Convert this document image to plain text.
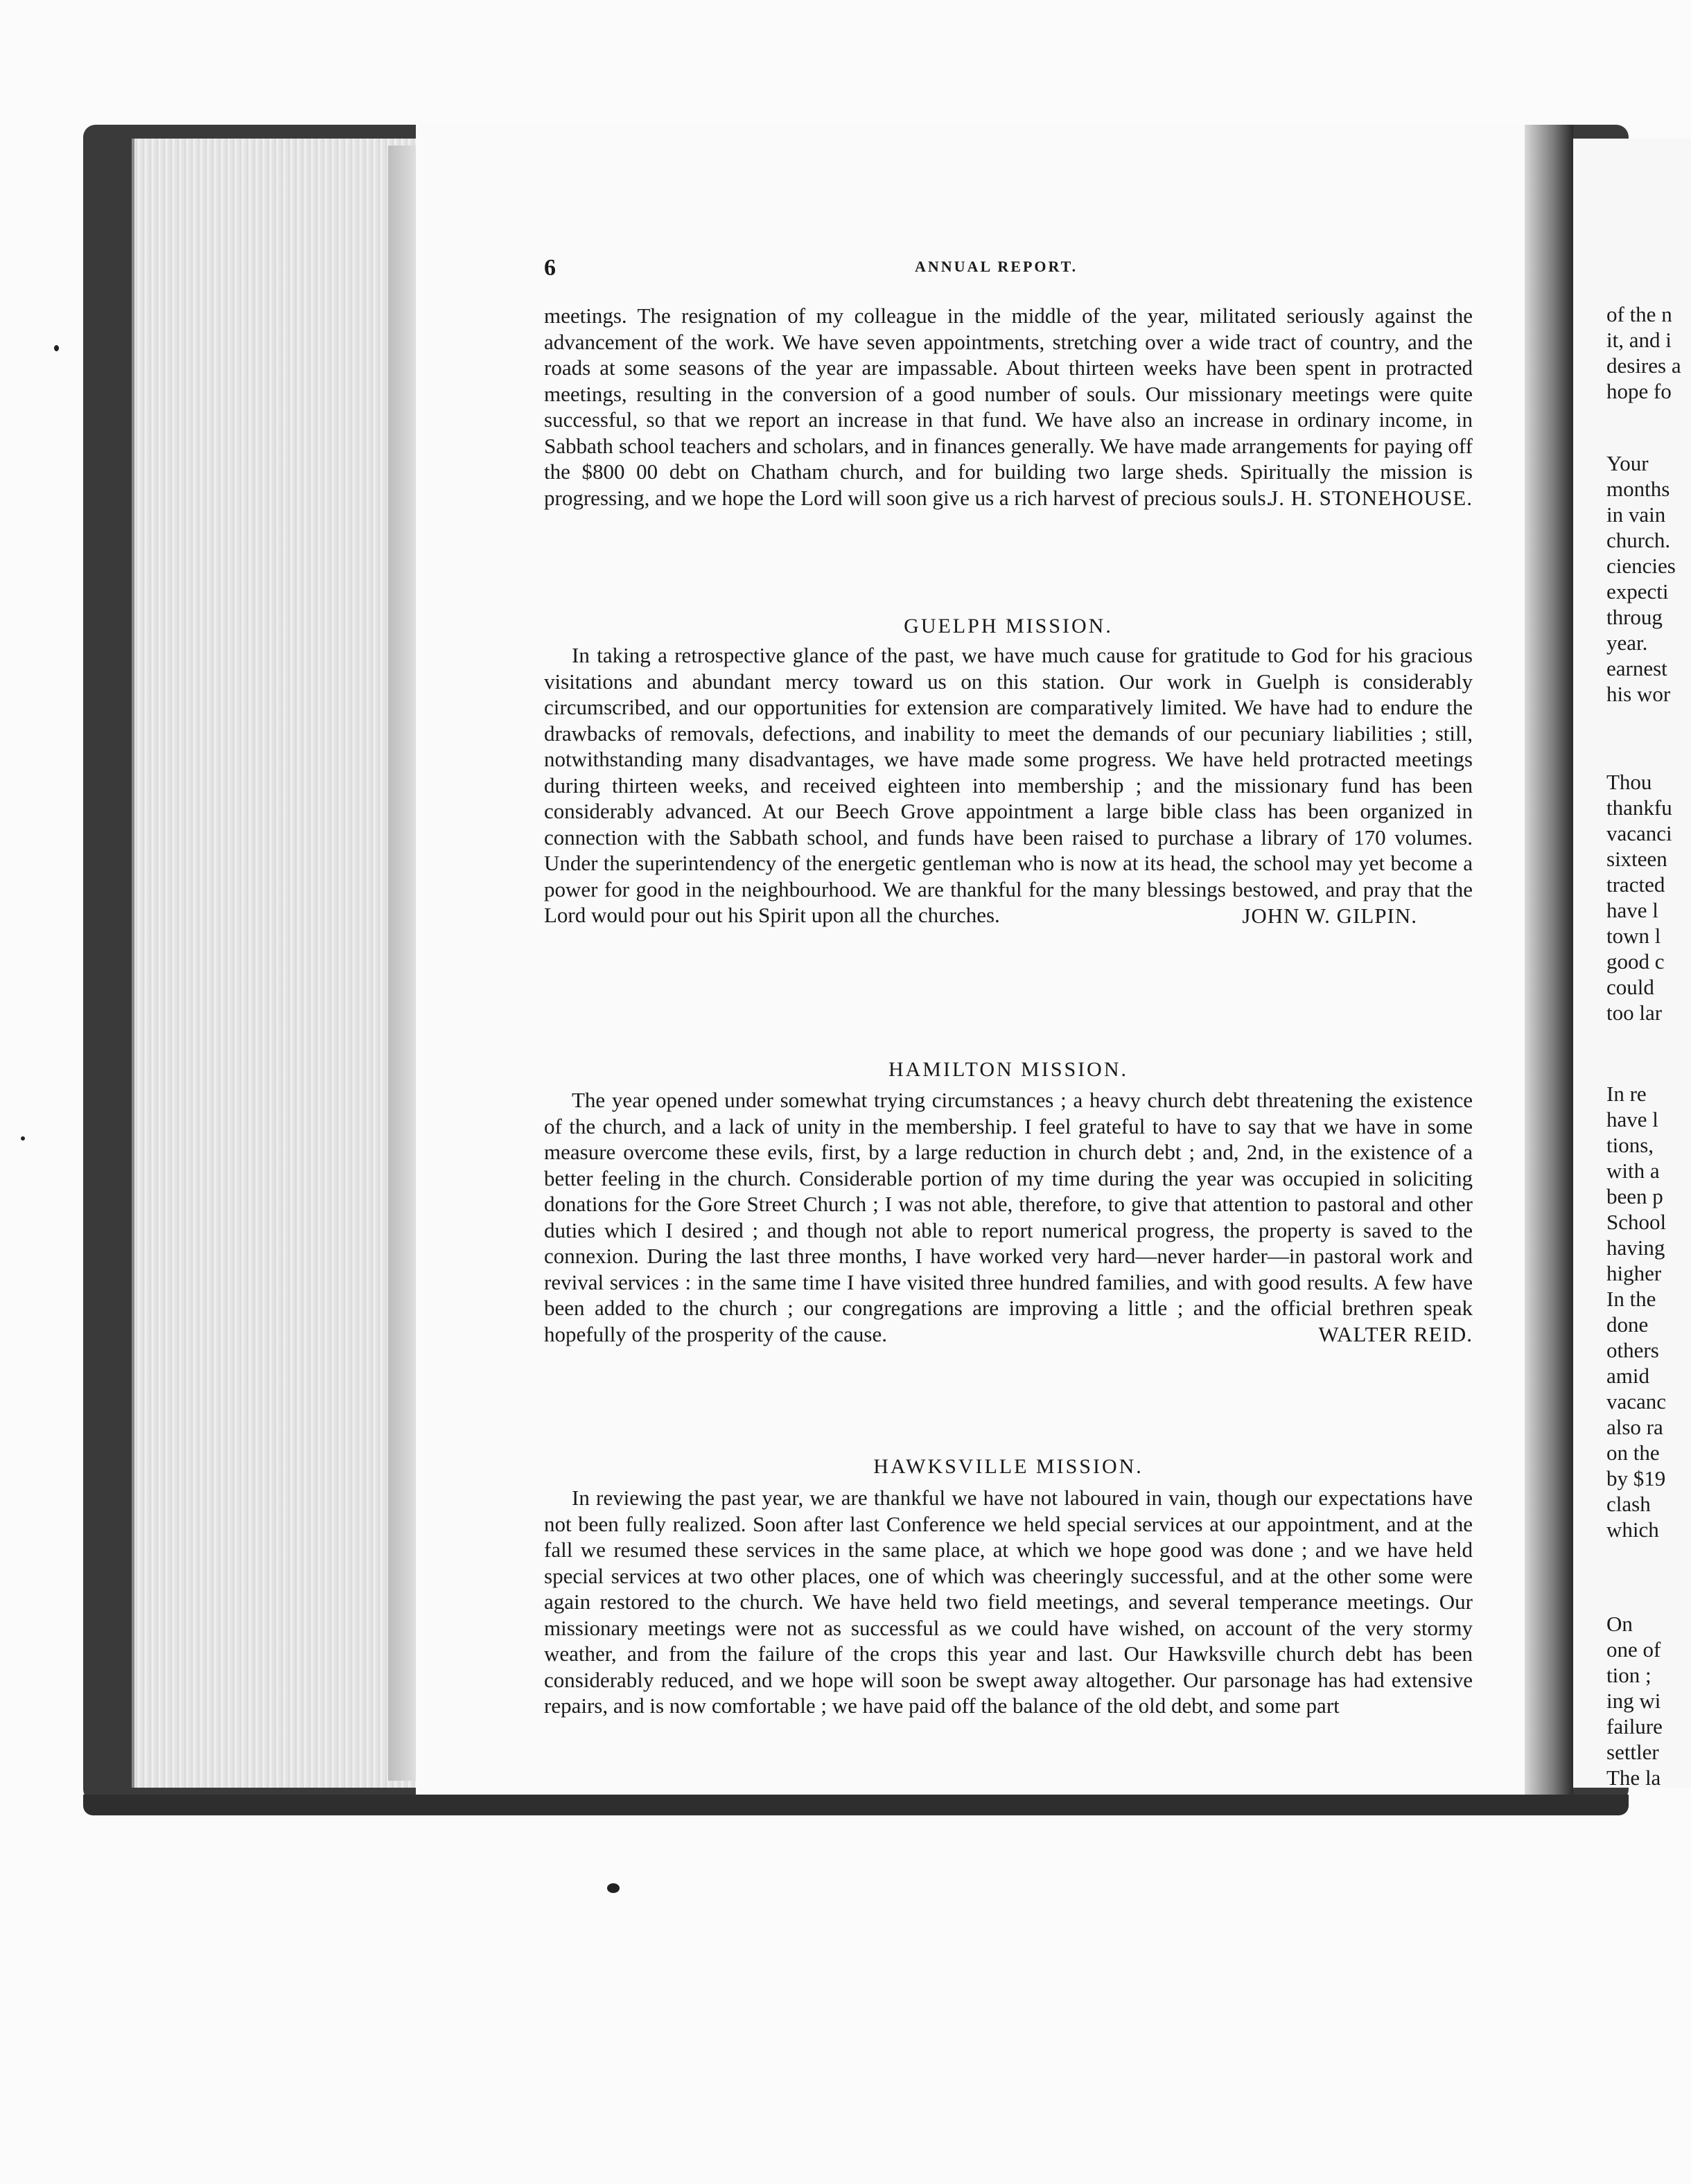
6	ANNUAL REPORT.

meetings. The resignation of my colleague in the middle of the year, militated seriously against the advancement of the work. We have seven appointments, stretching over a wide tract of country, and the roads at some seasons of the year are impassable. About thirteen weeks have been spent in protracted meetings, resulting in the conversion of a good number of souls. Our missionary meetings were quite successful, so that we report an increase in that fund. We have also an increase in ordinary income, in Sabbath school teachers and scholars, and in finances generally. We have made arrangements for paying off the $800 00 debt on Chatham church, and for building two large sheds. Spiritually the mission is progressing, and we hope the Lord will soon give us a rich harvest of precious souls.

J. H. STONEHOUSE.
GUELPH MISSION.

In taking a retrospective glance of the past, we have much cause for gratitude to God for his gracious visitations and abundant mercy toward us on this station. Our work in Guelph is considerably circumscribed, and our opportunities for extension are comparatively limited. We have had to endure the drawbacks of removals, defections, and inability to meet the demands of our pecuniary liabilities ; still, notwithstanding many disadvantages, we have made some progress. We have held protracted meetings during thirteen weeks, and received eighteen into membership ; and the missionary fund has been considerably advanced. At our Beech Grove appointment a large bible class has been organized in connection with the Sabbath school, and funds have been raised to purchase a library of 170 volumes. Under the superintendency of the energetic gentleman who is now at its head, the school may yet become a power for good in the neighbourhood. We are thankful for the many blessings bestowed, and pray that the Lord would pour out his Spirit upon all the churches.	JOHN W. GILPIN.
HAMILTON MISSION.

The year opened under somewhat trying circumstances ; a heavy church debt threatening the existence of the church, and a lack of unity in the membership. I feel grateful to have to say that we have in some measure overcome these evils, first, by a large reduction in church debt ; and, 2nd, in the existence of a better feeling in the church. Considerable portion of my time during the year was occupied in soliciting donations for the Gore Street Church ; I was not able, therefore, to give that attention to pastoral and other duties which I desired ; and though not able to report numerical progress, the property is saved to the connexion. During the last three months, I have worked very hard—never harder—in pastoral work and revival services : in the same time I have visited three hundred families, and with good results. A few have been added to the church ; our congregations are improving a little ; and the official brethren speak hopefully of the prosperity of the cause.	WALTER REID.
HAWKSVILLE MISSION.

In reviewing the past year, we are thankful we have not laboured in vain, though our expectations have not been fully realized. Soon after last Conference we held special services at our appointment, and at the fall we resumed these services in the same place, at which we hope good was done ; and we have held special services at two other places, one of which was cheeringly successful, and at the other some were again restored to the church. We have held two field meetings, and several temperance meetings. Our missionary meetings were not as successful as we could have wished, on account of the very stormy weather, and from the failure of the crops this year and last. Our Hawksville church debt has been considerably reduced, and we hope will soon be swept away altogether. Our parsonage has had extensive repairs, and is now comfortable ; we have paid off the balance of the old debt, and some part

of the n
it, and i
desires a
hope fo
Your
months
in vain
church.
ciencies
expecti
throug
year.
earnest
his wor
Thou
thankfu
vacanci
sixteen
tracted
have l
town l
good c
could
too lar
In re
have l
tions,
with a
been p
School
having
higher
In the
done
others
amid
vacanc
also ra
on the
by $19
clash
which
On
one of
tion ;
ing wi
failure
settler
The la
